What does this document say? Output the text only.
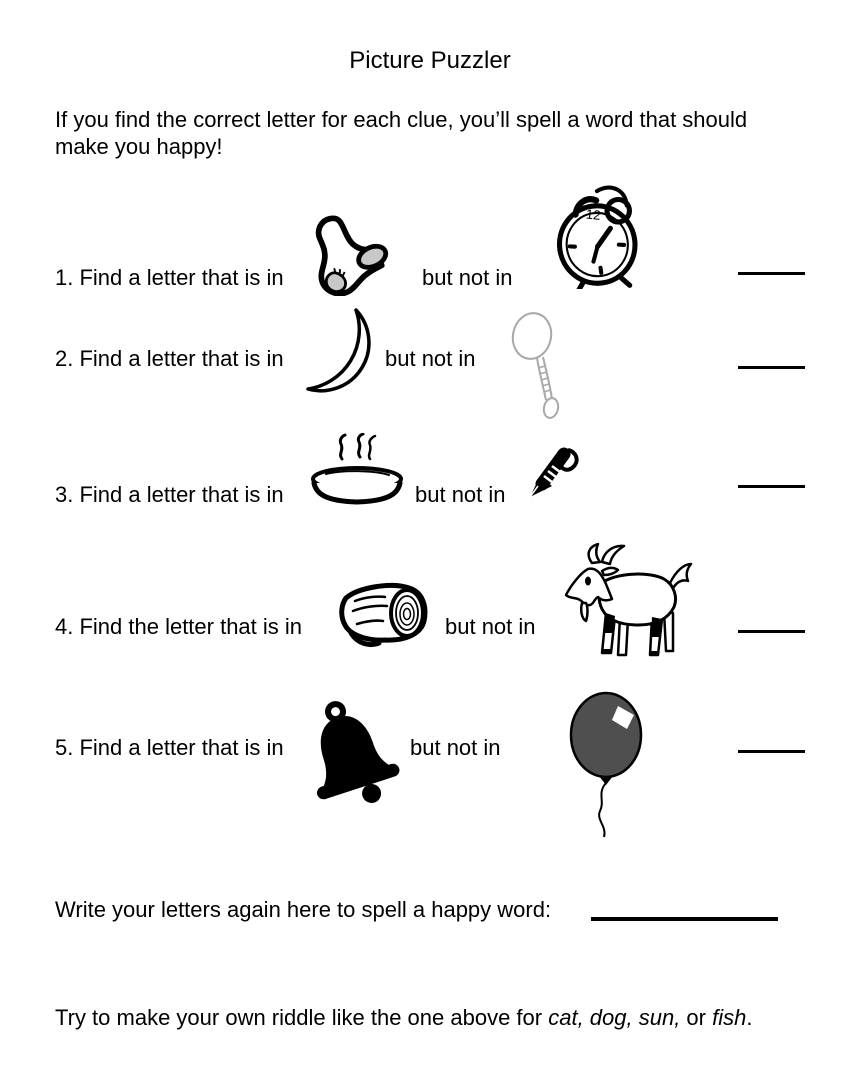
Picture Puzzler
If you find the correct letter for each clue, you’ll spell a word that should
make you happy!
1. Find a letter that is in	but not in
12
2. Find a letter that is in	but not in
3. Find a letter that is in	but not in
4. Find the letter that is in	but not in
5. Find a letter that is in	but not in
Write your letters again here to spell a happy word:
Try to make your own riddle like the one above for cat, dog, sun, or fish.
